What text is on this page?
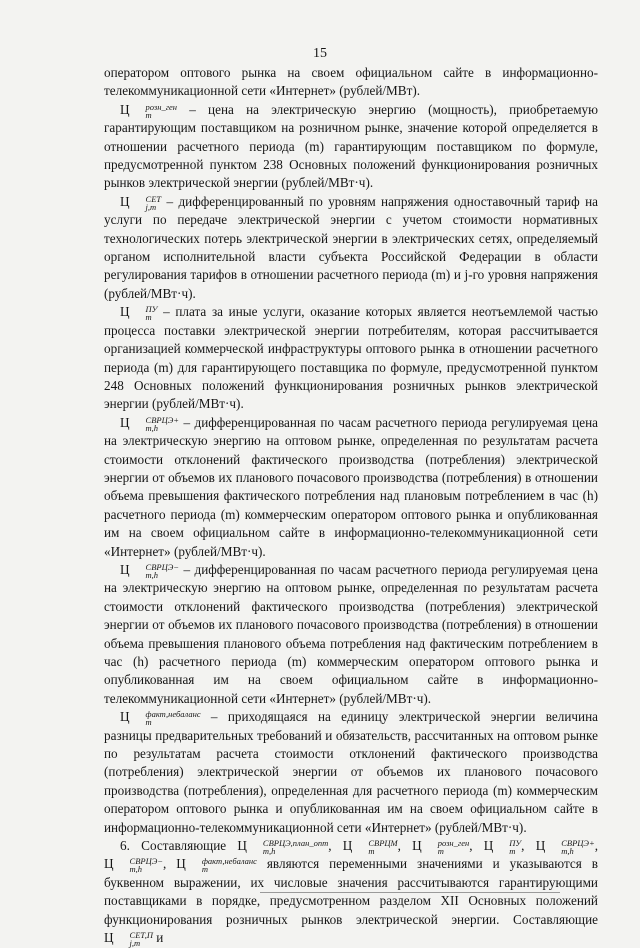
15

оператором оптового рынка на своем официальном сайте в информационно-телекоммуникационной сети «Интернет» (рублей/МВт).

Ц	розн_ген
m	– цена на электрическую энергию (мощность), приобретаемую гарантирующим поставщиком на розничном рынке, значение которой определяется в отношении расчетного периода (m) гарантирующим поставщиком по формуле, предусмотренной пунктом 238 Основных положений функционирования розничных рынков электрической энергии (рублей/МВт·ч).

Ц	СЕТ
j,m – дифференцированный по уровням напряжения одноставочный тариф на услуги по передаче электрической энергии с учетом стоимости нормативных технологических потерь электрической энергии в электрических сетях, определяемый органом исполнительной власти субъекта Российской Федерации в области регулирования тарифов в отношении расчетного периода (m) и j-го уровня напряжения (рублей/МВт·ч).

Ц	ПУ
m – плата за иные услуги, оказание которых является неотъемлемой частью процесса поставки электрической энергии потребителям, которая рассчитывается организацией коммерческой инфраструктуры оптового рынка в отношении расчетного периода (m) для гарантирующего поставщика по формуле, предусмотренной пунктом 248 Основных положений функционирования розничных рынков электрической энергии (рублей/МВт·ч).

Ц	СВРЦЭ+
m,h	– дифференцированная по часам расчетного периода регулируемая цена на электрическую энергию на оптовом рынке, определенная по результатам расчета стоимости отклонений фактического производства (потребления) электрической энергии от объемов их планового почасового производства (потребления) в отношении объема превышения фактического потребления над плановым потреблением в час (h) расчетного периода (m) коммерческим оператором оптового рынка и опубликованная им на своем официальном сайте в информационно-телекоммуникационной сети «Интернет» (рублей/МВт·ч).

Ц	СВРЦЭ−
m,h	– дифференцированная по часам расчетного периода регулируемая цена на электрическую энергию на оптовом рынке, определенная по результатам расчета стоимости отклонений фактического производства (потребления) электрической энергии от объемов их планового почасового производства (потребления) в отношении объема превышения планового объема потребления над фактическим потреблением в час (h) расчетного периода (m) коммерческим оператором оптового рынка и опубликованная им на своем официальном сайте в информационно-телекоммуникационной сети «Интернет» (рублей/МВт·ч).

Ц	факт,небаланс
m	– приходящаяся на единицу электрической энергии величина разницы предварительных требований и обязательств, рассчитанных на оптовом рынке по результатам расчета стоимости отклонений фактического производства (потребления) электрической энергии от объемов их планового почасового производства (потребления), определенная для расчетного периода (m) коммерческим оператором оптового рынка и опубликованная им на своем официальном сайте в информационно-телекоммуникационной сети «Интернет» (рублей/МВт·ч).

6. Составляющие Ц	СВРЦЭ,план_опт
m,h	, Ц	СВРЦМ
m	, Ц	розн_ген
m	, Ц	ПУ
m , Ц	СВРЦЭ+
m,h	, Ц	СВРЦЭ−
m,h	, Ц	факт,небаланс
m	являются переменными значениями и указываются в буквенном выражении, их числовые значения рассчитываются гарантирующими поставщиками в порядке, предусмотренном разделом XII Основных положений функционирования розничных рынков электрической энергии. Составляющие Ц	СЕТ,П
j,m и
